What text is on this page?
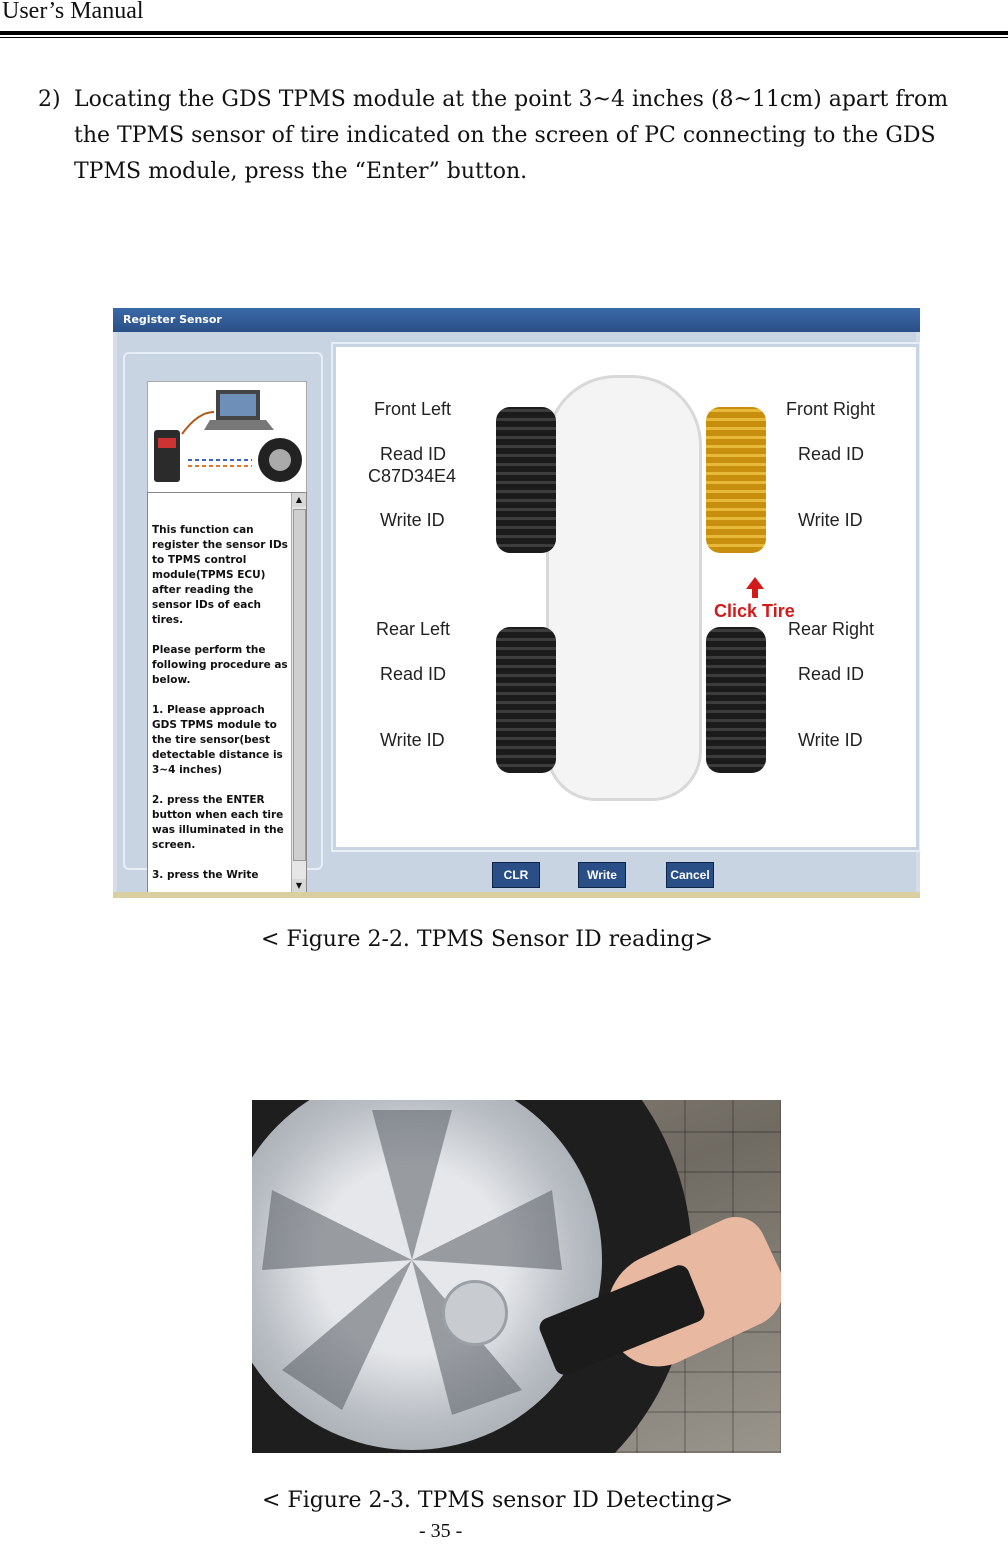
User’s Manual
2) Locating the GDS TPMS module at the point 3~4 inches (8~11cm) apart from
the TPMS sensor of tire indicated on the screen of PC connecting to the GDS
TPMS module, press the “Enter” button.
Register Sensor
This function can register the sensor IDs to TPMS control module(TPMS ECU) after reading the sensor IDs of each tires.

Please perform the following procedure as below.

1. Please approach GDS TPMS module to the tire sensor(best detectable distance is 3~4 inches)

2. press the ENTER button when each tire was illuminated in the screen.

3. press the Write
▲
▼
Front Left
Read ID
C87D34E4
Write ID
Front Right
Read ID
Write ID
Click Tire
Rear Left
Read ID
Write ID
Rear Right
Read ID
Write ID
CLR	Write	Cancel
< Figure 2-2. TPMS Sensor ID reading>
< Figure 2-3. TPMS sensor ID Detecting>
- 35 -
